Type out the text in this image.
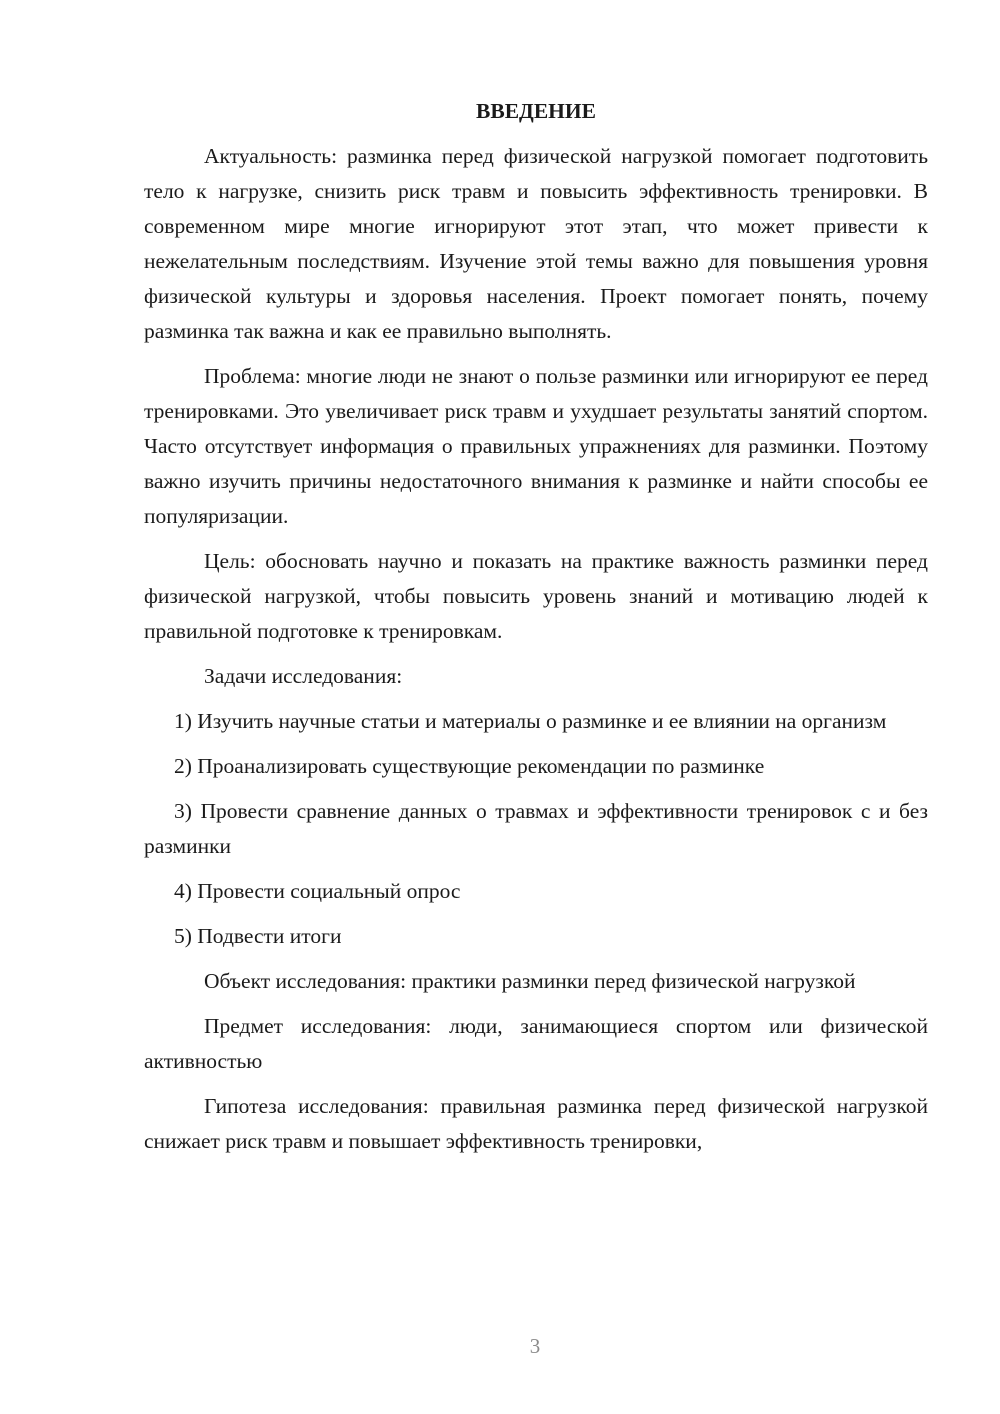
ВВЕДЕНИЕ

Актуальность: разминка перед физической нагрузкой помогает подготовить тело к нагрузке, снизить риск травм и повысить эффективность тренировки. В современном мире многие игнорируют этот этап, что может привести к нежелательным последствиям. Изучение этой темы важно для повышения уровня физической культуры и здоровья населения. Проект помогает понять, почему разминка так важна и как ее правильно выполнять.

Проблема: многие люди не знают о пользе разминки или игнорируют ее перед тренировками. Это увеличивает риск травм и ухудшает результаты занятий спортом. Часто отсутствует информация о правильных упражнениях для разминки. Поэтому важно изучить причины недостаточного внимания к разминке и найти способы ее популяризации.

Цель: обосновать научно и показать на практике важность разминки перед физической нагрузкой, чтобы повысить уровень знаний и мотивацию людей к правильной подготовке к тренировкам.

Задачи исследования:

1) Изучить научные статьи и материалы о разминке и ее влиянии на организм

2) Проанализировать существующие рекомендации по разминке

3) Провести сравнение данных о травмах и эффективности тренировок с и без разминки

4) Провести социальный опрос

5) Подвести итоги

Объект исследования: практики разминки перед физической нагрузкой

Предмет исследования: люди, занимающиеся спортом или физической активностью

Гипотеза исследования: правильная разминка перед физической нагрузкой снижает риск травм и повышает эффективность тренировки,

3
